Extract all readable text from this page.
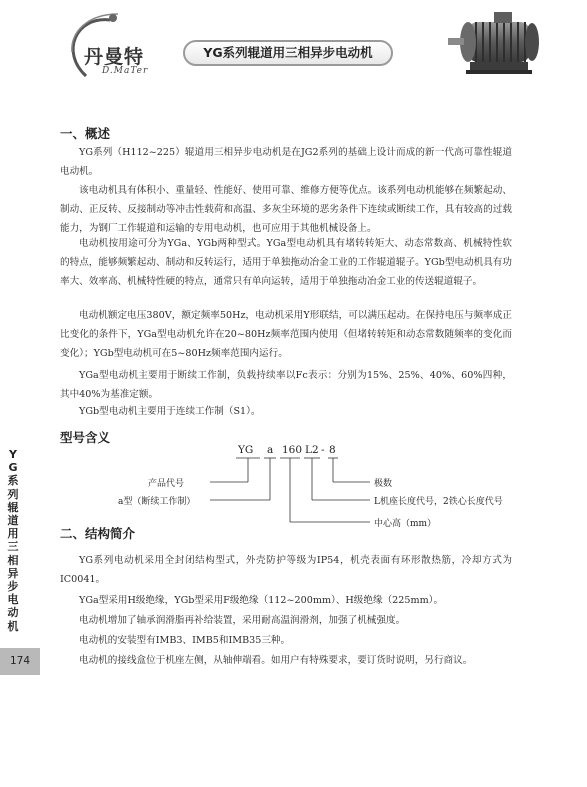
丹曼特
D.MaTer
YG系列辊道用三相异步电动机
一、概述

YG系列（H112~225）辊道用三相异步电动机是在JG2系列的基础上设计而成的新一代高可靠性辊道电动机。

该电动机具有体积小、重量轻、性能好、使用可靠、维修方便等优点。该系列电动机能够在频繁起动、制动、正反转、反接制动等冲击性载荷和高温、多灰尘环境的恶劣条件下连续或断续工作，具有较高的过载能力，为钢厂工作辊道和运输的专用电动机，也可应用于其他机械设备上。

电动机按用途可分为YGa、YGb两种型式。YGa型电动机具有堵转转矩大、动态常数高、机械特性软的特点，能够频繁起动、制动和反转运行，适用于单独拖动冶金工业的工作辊道辊子。YGb型电动机具有功率大、效率高、机械特性硬的特点，通常只有单向运转，适用于单独拖动冶金工业的传送辊道辊子。

电动机额定电压380V，额定频率50Hz，电动机采用Y形联结，可以满压起动。在保持电压与频率成正比变化的条件下，YGa型电动机允许在20~80Hz频率范围内使用（但堵转转矩和动态常数随频率的变化而变化）；YGb型电动机可在5~80Hz频率范围内运行。

YGa型电动机主要用于断续工作制，负载持续率以Fc表示：分别为15%、25%、40%、60%四种，其中40%为基准定额。

YGb型电动机主要用于连续工作制（S1）。

型号含义
YG a 160 L2 - 8
产品代号
a型（断续工作制）
极数
L机座长度代号，2铁心长度代号
中心高（mm）
二、结构简介

YG系列电动机采用全封闭结构型式，外壳防护等级为IP54，机壳表面有环形散热筋，冷却方式为IC0041。

YGa型采用H级绝缘，YGb型采用F级绝缘（112~200mm）、H级绝缘（225mm）。

电动机增加了轴承润滑脂再补给装置，采用耐高温润滑剂，加强了机械强度。

电动机的安装型有IMB3、IMB5和IMB35三种。

电动机的接线盒位于机座左侧，从轴伸端看。如用户有特殊要求，要订货时说明，另行商议。

YG系列辊道用三相异步电动机
174
